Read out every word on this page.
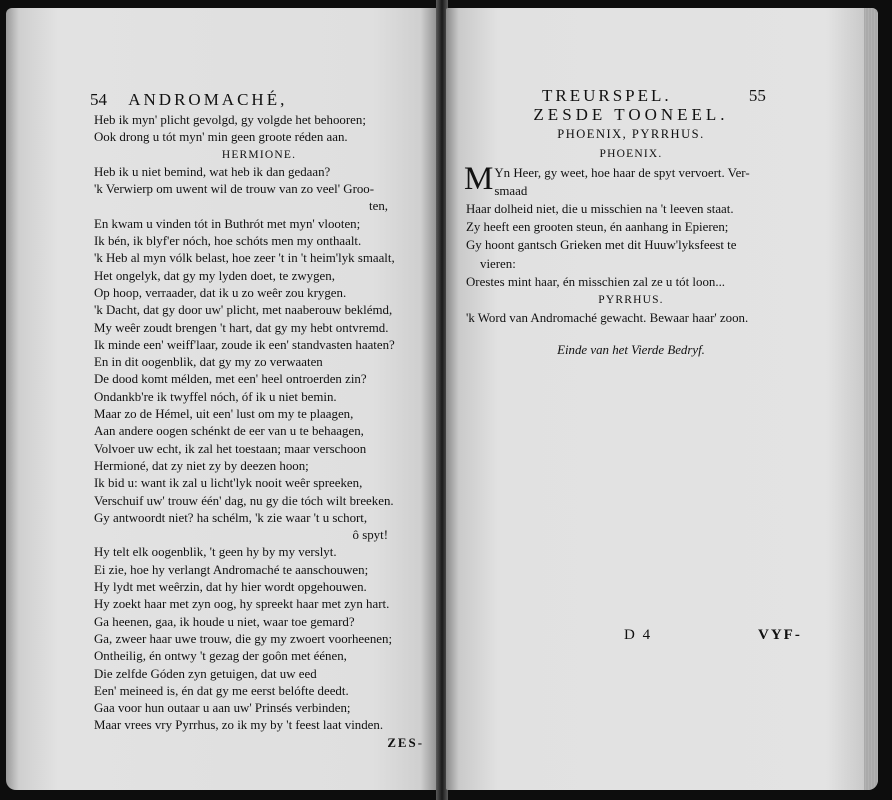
54 ANDROMACHÉ,
Heb ik myn' plicht gevolgd, gy volgde het behooren;
Ook drong u tót myn' min geen groote réden aan.
HERMIONE.
Heb ik u niet bemind, wat heb ik dan gedaan?
'k Verwierp om uwent wil de trouw van zo veel' Groo-
ten,
En kwam u vinden tót in Buthrót met myn' vlooten;
Ik bén, ik blyf'er nóch, hoe schóts men my onthaalt.
'k Heb al myn vólk belast, hoe zeer 't in 't heim'lyk smaalt,
Het ongelyk, dat gy my lyden doet, te zwygen,
Op hoop, verraader, dat ik u zo weêr zou krygen.
'k Dacht, dat gy door uw' plicht, met naaberouw beklémd,
My weêr zoudt brengen 't hart, dat gy my hebt ontvremd.
Ik minde een' weiff'laar, zoude ik een' standvasten haaten?
En in dit oogenblik, dat gy my zo verwaaten
De dood komt mélden, met een' heel ontroerden zin?
Ondankb're ik twyffel nóch, óf ik u niet bemin.
Maar zo de Hémel, uit een' lust om my te plaagen,
Aan andere oogen schénkt de eer van u te behaagen,
Volvoer uw echt, ik zal het toestaan; maar verschoon
Hermioné, dat zy niet zy by deezen hoon;
Ik bid u: want ik zal u licht'lyk nooit weêr spreeken,
Verschuif uw' trouw één' dag, nu gy die tóch wilt breeken.
Gy antwoordt niet? ha schélm, 'k zie waar 't u schort,
ô spyt!
Hy telt elk oogenblik, 't geen hy by my verslyt.
Ei zie, hoe hy verlangt Andromaché te aanschouwen;
Hy lydt met weêrzin, dat hy hier wordt opgehouwen.
Hy zoekt haar met zyn oog, hy spreekt haar met zyn hart.
Ga heenen, gaa, ik houde u niet, waar toe gemard?
Ga, zweer haar uwe trouw, die gy my zwoert voorheenen;
Ontheilig, én ontwy 't gezag der goôn met éénen,
Die zelfde Góden zyn getuigen, dat uw eed
Een' meineed is, én dat gy me eerst belófte deedt.
Gaa voor hun outaar u aan uw' Prinsés verbinden;
Maar vrees vry Pyrrhus, zo ik my by 't feest laat vinden.
ZES-
TREURSPEL.	55
ZESDE TOONEEL.
PHOENIX, PYRRHUS.
PHOENIX.
M Yn Heer, gy weet, hoe haar de spyt vervoert. Ver-
smaad
Haar dolheid niet, die u misschien na 't leeven staat.
Zy heeft een grooten steun, én aanhang in Epieren;
Gy hoont gantsch Grieken met dit Huuw'lyksfeest te
vieren:
Orestes mint haar, én misschien zal ze u tót loon...
PYRRHUS.
'k Word van Andromaché gewacht. Bewaar haar' zoon.
Einde van het Vierde Bedryf.
D 4	VYF-
